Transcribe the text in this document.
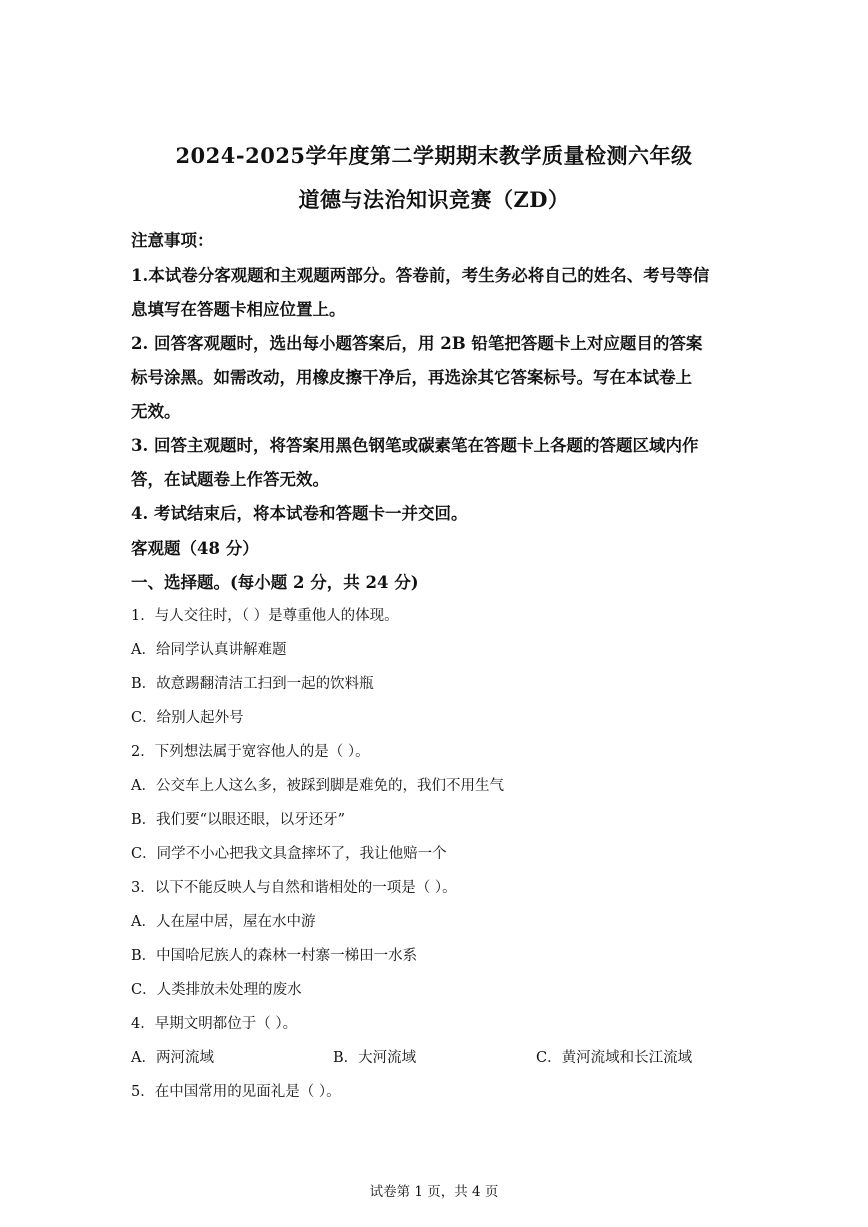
2024-2025学年度第二学期期末教学质量检测六年级
道德与法治知识竞赛（ZD）
注意事项：
1.本试卷分客观题和主观题两部分。答卷前，考生务必将自己的姓名、考号等信
息填写在答题卡相应位置上。
2. 回答客观题时，选出每小题答案后，用 2B 铅笔把答题卡上对应题目的答案
标号涂黑。如需改动，用橡皮擦干净后，再选涂其它答案标号。写在本试卷上
无效。
3. 回答主观题时，将答案用黑色钢笔或碳素笔在答题卡上各题的答题区域内作
答，在试题卷上作答无效。
4. 考试结束后，将本试卷和答题卡一并交回。
客观题（48 分）
一、选择题。(每小题 2 分，共 24 分)
1．与人交往时，（ ）是尊重他人的体现。
A．给同学认真讲解难题
B．故意踢翻清洁工扫到一起的饮料瓶
C．给别人起外号
2．下列想法属于宽容他人的是（ ）。
A．公交车上人这么多，被踩到脚是难免的，我们不用生气
B．我们要“以眼还眼，以牙还牙”
C．同学不小心把我文具盒摔坏了，我让他赔一个
3．以下不能反映人与自然和谐相处的一项是（ ）。
A．人在屋中居，屋在水中游
B．中国哈尼族人的森林一村寨一梯田一水系
C．人类排放未处理的废水
4．早期文明都位于（ ）。
A．两河流域	B．大河流域	C．黄河流域和长江流域
5．在中国常用的见面礼是（ ）。
试卷第 1 页，共 4 页
